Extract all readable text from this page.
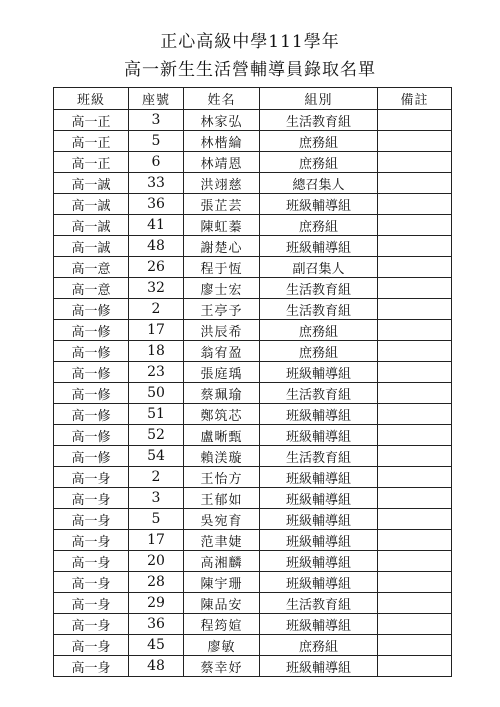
正心高級中學111學年
高一新生生活營輔導員錄取名單
班級	座號	姓名	組別	備註
高一正	3	林家弘	生活教育組	
高一正	5	林楷綸	庶務組	
高一正	6	林靖恩	庶務組	
高一誠	33	洪翊慈	總召集人	
高一誠	36	張芷芸	班級輔導組	
高一誠	41	陳虹蓁	庶務組	
高一誠	48	謝楚心	班級輔導組	
高一意	26	程于恆	副召集人	
高一意	32	廖士宏	生活教育組	
高一修	2	王亭予	生活教育組	
高一修	17	洪辰希	庶務組	
高一修	18	翁宥盈	庶務組	
高一修	23	張庭瑀	班級輔導組	
高一修	50	蔡珮瑜	生活教育組	
高一修	51	鄭筑芯	班級輔導組	
高一修	52	盧晰甄	班級輔導組	
高一修	54	賴渼璇	生活教育組	
高一身	2	王怡方	班級輔導組	
高一身	3	王郁如	班級輔導組	
高一身	5	吳宛育	班級輔導組	
高一身	17	范聿婕	班級輔導組	
高一身	20	高湘麟	班級輔導組	
高一身	28	陳宇珊	班級輔導組	
高一身	29	陳品安	生活教育組	
高一身	36	程筠媗	班級輔導組	
高一身	45	廖敏	庶務組	
高一身	48	蔡幸妤	班級輔導組	
